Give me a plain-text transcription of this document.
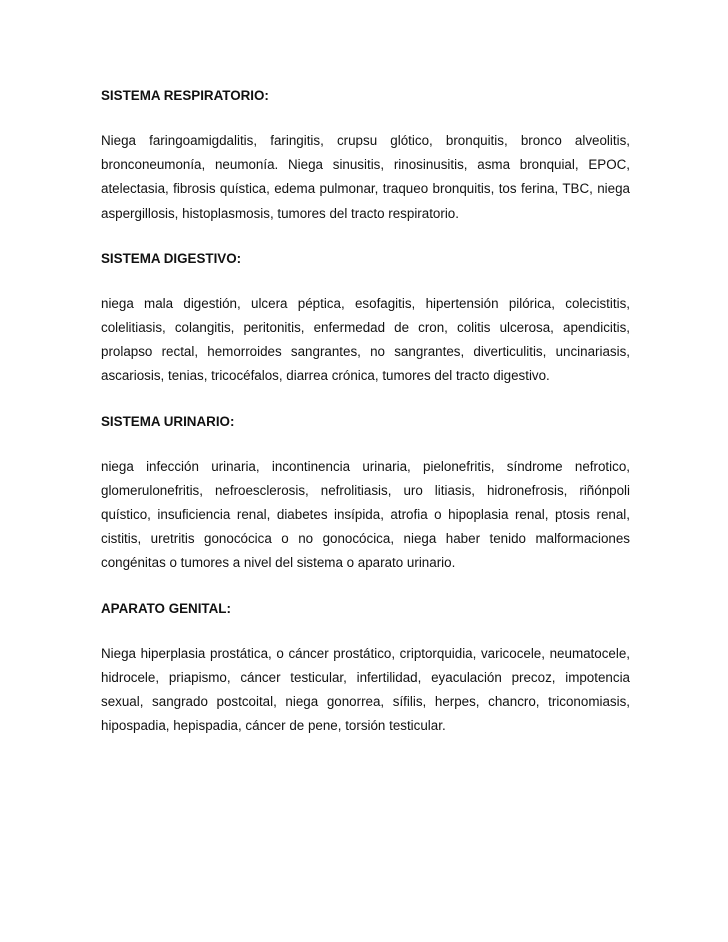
SISTEMA RESPIRATORIO:

Niega faringoamigdalitis, faringitis, crupsu glótico, bronquitis, bronco alveolitis, bronconeumonía, neumonía. Niega sinusitis, rinosinusitis, asma bronquial, EPOC, atelectasia, fibrosis quística, edema pulmonar, traqueo bronquitis, tos ferina, TBC, niega aspergillosis, histoplasmosis, tumores del tracto respiratorio.

SISTEMA DIGESTIVO:

niega mala digestión, ulcera péptica, esofagitis, hipertensión pilórica, colecistitis, colelitiasis, colangitis, peritonitis, enfermedad de cron, colitis ulcerosa, apendicitis, prolapso rectal, hemorroides sangrantes, no sangrantes, diverticulitis, uncinariasis, ascariosis, tenias, tricocéfalos, diarrea crónica, tumores del tracto digestivo.

SISTEMA URINARIO:

niega infección urinaria, incontinencia urinaria, pielonefritis, síndrome nefrotico, glomerulonefritis, nefroesclerosis, nefrolitiasis, uro litiasis, hidronefrosis, riñónpoli quístico, insuficiencia renal, diabetes insípida, atrofia o hipoplasia renal, ptosis renal, cistitis, uretritis gonocócica o no gonocócica, niega haber tenido malformaciones congénitas o tumores a nivel del sistema o aparato urinario.

APARATO GENITAL:

Niega hiperplasia prostática, o cáncer prostático, criptorquidia, varicocele, neumatocele, hidrocele, priapismo, cáncer testicular, infertilidad, eyaculación precoz, impotencia sexual, sangrado postcoital, niega gonorrea, sífilis, herpes, chancro, triconomiasis, hipospadia, hepispadia, cáncer de pene, torsión testicular.
